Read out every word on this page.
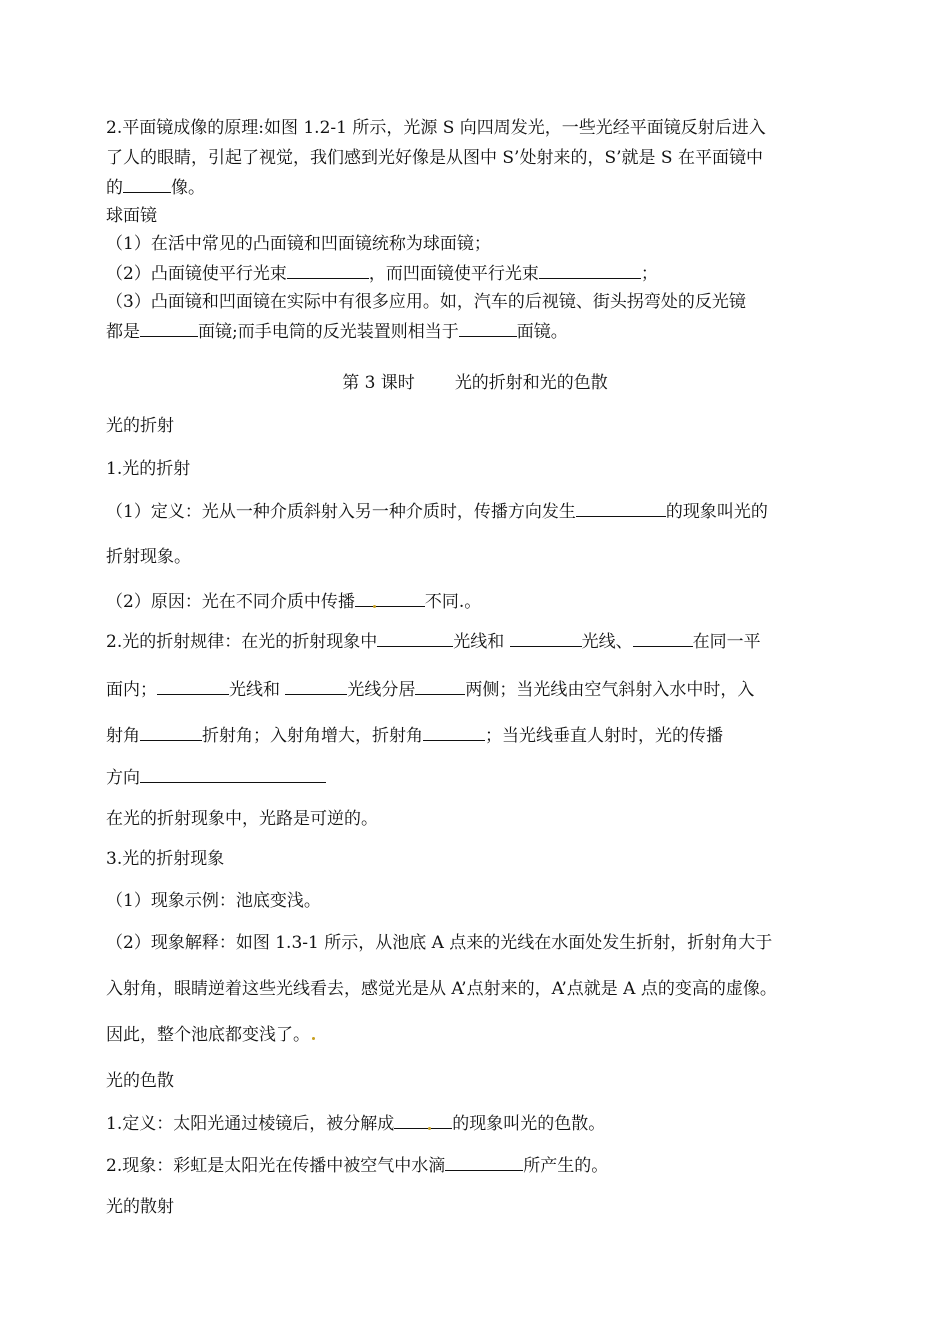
2.平面镜成像的原理:如图 1.2-1 所示，光源 S 向四周发光，一些光经平面镜反射后进入
了人的眼睛，引起了视觉，我们感到光好像是从图中 S’处射来的，S’就是 S 在平面镜中
的	像。
球面镜
（1）在活中常见的凸面镜和凹面镜统称为球面镜；
（2）凸面镜使平行光束	，而凹面镜使平行光束	；
（3）凸面镜和凹面镜在实际中有很多应用。如，汽车的后视镜、街头拐弯处的反光镜
都是	面镜;而手电筒的反光装置则相当于	面镜。
第 3 课时 光的折射和光的色散
光的折射
1.光的折射
（1）定义：光从一种介质斜射入另一种介质时，传播方向发生	的现象叫光的
折射现象。
（2）原因：光在不同介质中传播	不同.。
2.光的折射规律：在光的折射现象中	光线和	光线、	在同一平
面内；	光线和	光线分居	两侧；当光线由空气斜射入水中时，入
射角	折射角；入射角增大，折射角	；当光线垂直人射时，光的传播
方向
在光的折射现象中，光路是可逆的。
3.光的折射现象
（1）现象示例：池底变浅。
（2）现象解释：如图 1.3-1 所示，从池底 A 点来的光线在水面处发生折射，折射角大于
入射角，眼睛逆着这些光线看去，感觉光是从 A’点射来的，A’点就是 A 点的变高的虚像。
因此，整个池底都变浅了。
光的色散
1.定义：太阳光通过棱镜后，被分解成	的现象叫光的色散。
2.现象：彩虹是太阳光在传播中被空气中水滴	所产生的。
光的散射
